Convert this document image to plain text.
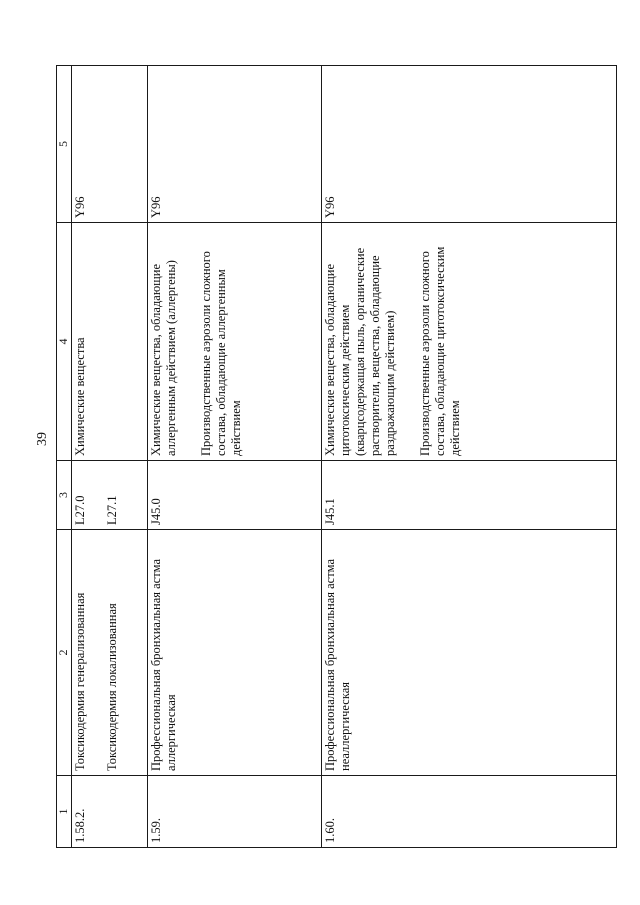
39
1	2	3	4	5

1.58.2.	Токсикодермия генерализованная Токсикодермия локализованная	L27.0 L27.1	Химические вещества	Y96

1.59.	Профессиональная бронхиальная астма аллергическая	J45.0	Химические вещества, обладающие аллергенным действием (аллергены) Производственные аэрозоли сложного состава, обладающие аллергенным действием	Y96

1.60.	Профессиональная бронхиальная астма неаллергическая	J45.1	Химические вещества, обладающие цитотоксическим действием (кварцсодержащая пыль, органические растворители, вещества, обладающие раздражающим действием) Производственные аэрозоли сложного состава, обладающие цитотоксическим действием	Y96
